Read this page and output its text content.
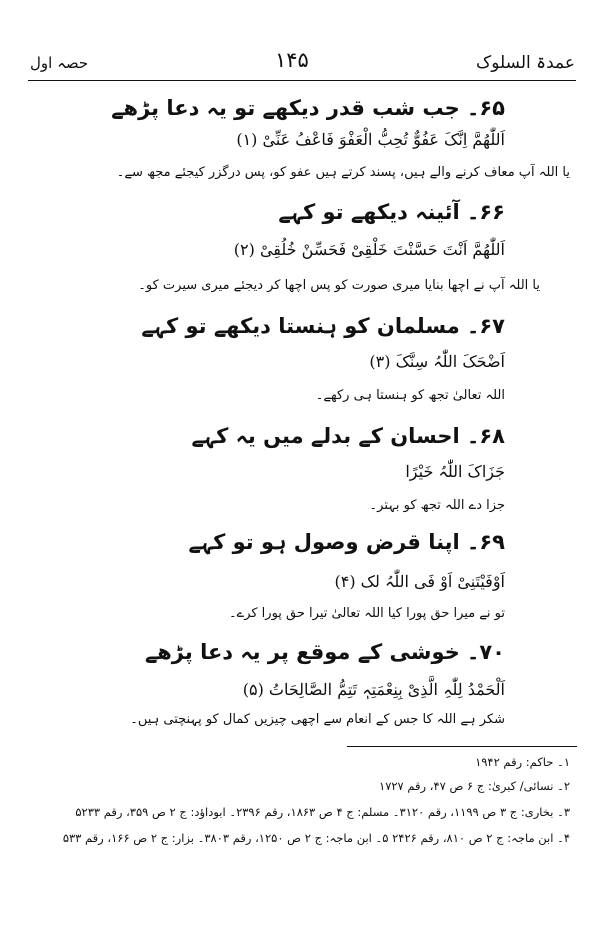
عمدۃ السلوک
۱۴۵
حصہ اول
۶۵۔ جب شب قدر دیکھے تو یہ دعا پڑھے
اَللّٰھُمَّ اِنَّکَ عَفُوٌّ تُحِبُّ الْعَفْوَ فَاعْفُ عَنِّیْ (۱)
یا اللہ آپ معاف کرنے والے ہیں، پسند کرتے ہیں عفو کو، پس درگزر کیجئے مجھ سے۔
۶۶۔ آئینہ دیکھے تو کہے
اَللّٰھُمَّ اَنْتَ حَسَّنْتَ خَلْقِیْ فَحَسِّنْ خُلُقِیْ (۲)
یا اللہ آپ نے اچھا بنایا میری صورت کو پس اچھا کر دیجئے میری سیرت کو۔
۶۷۔ مسلمان کو ہنستا دیکھے تو کہے
اَضْحَکَ اللّٰہُ سِنَّکَ (۳)
اللہ تعالیٰ تجھ کو ہنستا ہی رکھے۔
۶۸۔ احسان کے بدلے میں یہ کہے
جَزَاکَ اللّٰہُ خَیْرًا
جزا دے اللہ تجھ کو بہتر۔
۶۹۔ اپنا قرض وصول ہو تو کہے
اَوْفَیْتَنِیْ اَوْ فَی اللّٰہُ لک (۴)
تو نے میرا حق پورا کیا اللہ تعالیٰ تیرا حق پورا کرے۔
۷۰۔ خوشی کے موقع پر یہ دعا پڑھے
اَلْحَمْدُ لِلّٰہِ الَّذِیْ بِنِعْمَتِہٖ تَتِمُّ الصَّالِحَاتُ (۵)
شکر ہے اللہ کا جس کے انعام سے اچھی چیزیں کمال کو پہنچتی ہیں۔
۱۔ حاکم: رقم ۱۹۴۲
۲۔ نسائی/ کبریٰ: ج ۶ ص ۴۷، رقم ۱۷۲۷
۳۔ بخاری: ج ۳ ص ۱۱۹۹، رقم ۳۱۲۰۔ مسلم: ج ۴ ص ۱۸۶۳، رقم ۲۳۹۶۔ ابوداؤد: ج ۲ ص ۳۵۹، رقم ۵۲۳۳
۴۔ ابن ماجہ: ج ۲ ص ۸۱۰، رقم ۲۴۲۶ ۵۔ ابن ماجہ: ج ۲ ص ۱۲۵۰، رقم ۳۸۰۳۔ بزار: ج ۲ ص ۱۶۶، رقم ۵۳۳
